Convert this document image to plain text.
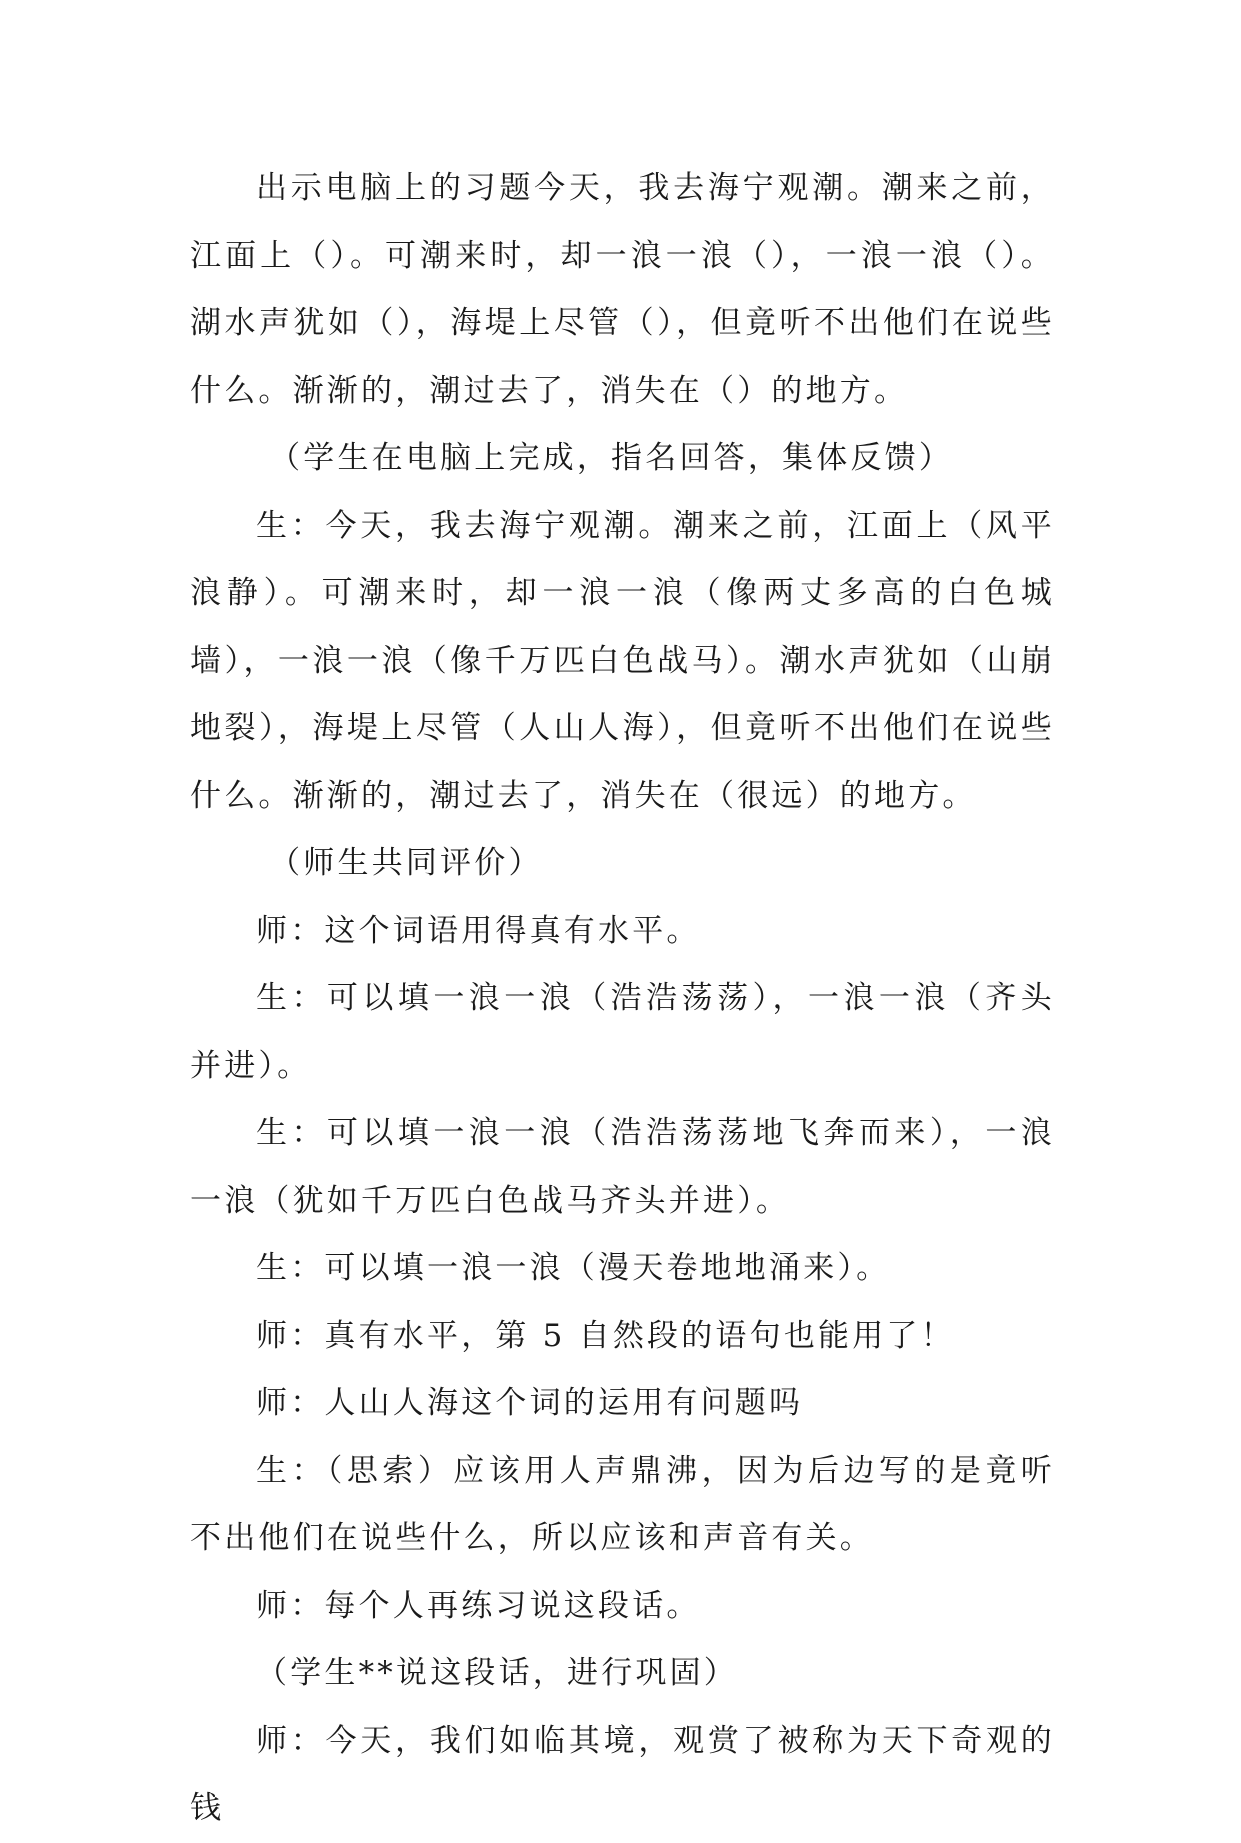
出示电脑上的习题今天，我去海宁观潮。潮来之前，江面上（）。可潮来时，却一浪一浪（），一浪一浪（）。湖水声犹如（），海堤上尽管（），但竟听不出他们在说些什么。渐渐的，潮过去了，消失在（）的地方。

（学生在电脑上完成，指名回答，集体反馈）

生：今天，我去海宁观潮。潮来之前，江面上（风平浪静）。可潮来时，却一浪一浪（像两丈多高的白色城墙），一浪一浪（像千万匹白色战马）。潮水声犹如（山崩地裂），海堤上尽管（人山人海），但竟听不出他们在说些什么。渐渐的，潮过去了，消失在（很远）的地方。

（师生共同评价）

师：这个词语用得真有水平。

生：可以填一浪一浪（浩浩荡荡），一浪一浪（齐头并进）。

生：可以填一浪一浪（浩浩荡荡地飞奔而来），一浪一浪（犹如千万匹白色战马齐头并进）。

生：可以填一浪一浪（漫天卷地地涌来）。

师：真有水平，第 5 自然段的语句也能用了！

师：人山人海这个词的运用有问题吗

生：（思索）应该用人声鼎沸，因为后边写的是竟听不出他们在说些什么，所以应该和声音有关。

师：每个人再练习说这段话。

（学生**说这段话，进行巩固）

师：今天，我们如临其境，观赏了被称为天下奇观的钱
